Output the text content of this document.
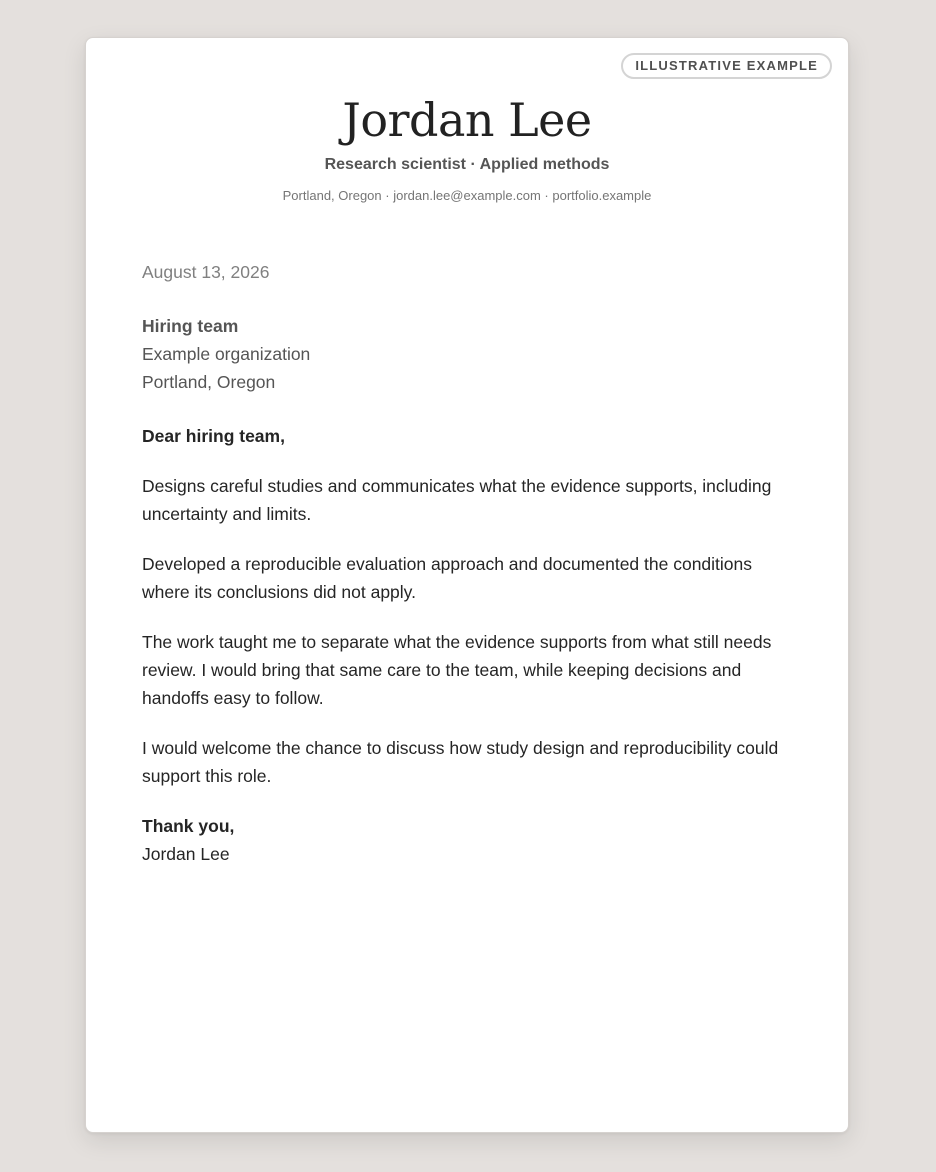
ILLUSTRATIVE EXAMPLE
Jordan Lee
Research scientist · Applied methods
Portland, Oregon · jordan.lee@example.com · portfolio.example
August 13, 2026
Hiring team
Example organization
Portland, Oregon
Dear hiring team,
Designs careful studies and communicates what the evidence supports, including uncertainty and limits.
Developed a reproducible evaluation approach and documented the conditions where its conclusions did not apply.
The work taught me to separate what the evidence supports from what still needs review. I would bring that same care to the team, while keeping decisions and handoffs easy to follow.
I would welcome the chance to discuss how study design and reproducibility could support this role.
Thank you,
Jordan Lee
